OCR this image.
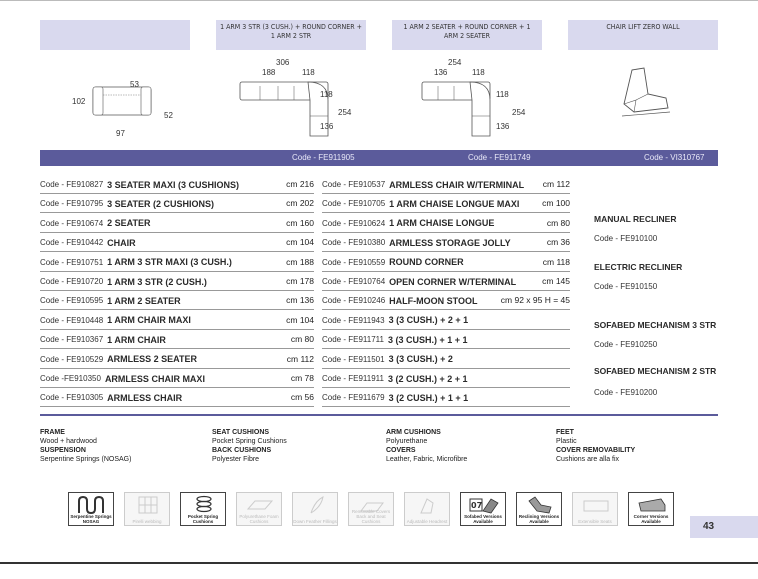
1 ARM 3 STR (3 CUSH.) + ROUND CORNER + 1 ARM 2 STR
1 ARM 2 SEATER + ROUND CORNER + 1 ARM 2 SEATER
CHAIR LIFT ZERO WALL
53
102
52
97
306
188	118
118
254
136
254
136	118
118
254
136
Code - FE911905	Code - FE911749	Code - VI310767
Code - FE910827 3 SEATER MAXI (3 CUSHIONS)	cm 216
Code - FE910795 3 SEATER (2 CUSHIONS)	cm 202
Code - FE910674 2 SEATER	cm 160
Code - FE910442 CHAIR	cm 104
Code - FE910751 1 ARM 3 STR MAXI (3 CUSH.)	cm 188
Code - FE910720 1 ARM 3 STR (2 CUSH.)	cm 178
Code - FE910595 1 ARM 2 SEATER	cm 136
Code - FE910448 1 ARM CHAIR MAXI	cm 104
Code - FE910367 1 ARM CHAIR	cm 80
Code - FE910529 ARMLESS 2 SEATER	cm 112
Code -FE910350 ARMLESS CHAIR MAXI	cm 78
Code - FE910305 ARMLESS CHAIR	cm 56
Code - FE910537 ARMLESS CHAIR W/TERMINAL cm 112
Code - FE910705 1 ARM CHAISE LONGUE MAXI	cm 100
Code - FE910624 1 ARM CHAISE LONGUE	cm 80
Code - FE910380 ARMLESS STORAGE JOLLY	cm 36
Code - FE910559 ROUND CORNER	cm 118
Code - FE910764 OPEN CORNER W/TERMINAL	cm 145
Code - FE910246 HALF-MOON STOOL	cm 92 x 95 H = 45
Code - FE911943 3 (3 CUSH.) + 2 + 1
Code - FE911711 3 (3 CUSH.) + 1 + 1
Code - FE911501 3 (3 CUSH.) + 2
Code - FE911911 3 (2 CUSH.) + 2 + 1
Code - FE911679 3 (2 CUSH.) + 1 + 1
MANUAL RECLINER
Code - FE910100
ELECTRIC RECLINER
Code - FE910150
SOFABED MECHANISM 3 STR
Code - FE910250
SOFABED MECHANISM 2 STR
Code - FE910200
FRAME
Wood + hardwood
SUSPENSION
Serpentine Springs (NOSAG)
SEAT CUSHIONS
Pocket Spring Cushions
BACK CUSHIONS
Polyester Fibre
ARM CUSHIONS
Polyurethane
COVERS
Leather, Fabric, Microfibre
FEET
Plastic
COVER REMOVABILITY
Cushions are alla fix
Serpentine Springs NOSAG	Pirelli webbing
Pocket Spring Cushions
Polyurethane Foam Cushions	Down Feather Fillings
Removable Covers Back and Seat Cushions	Adjustable Headrest
07
Sofabed Versions Available
Reclining Versions Available	Extensible Seats
Corner Versions Available	43
